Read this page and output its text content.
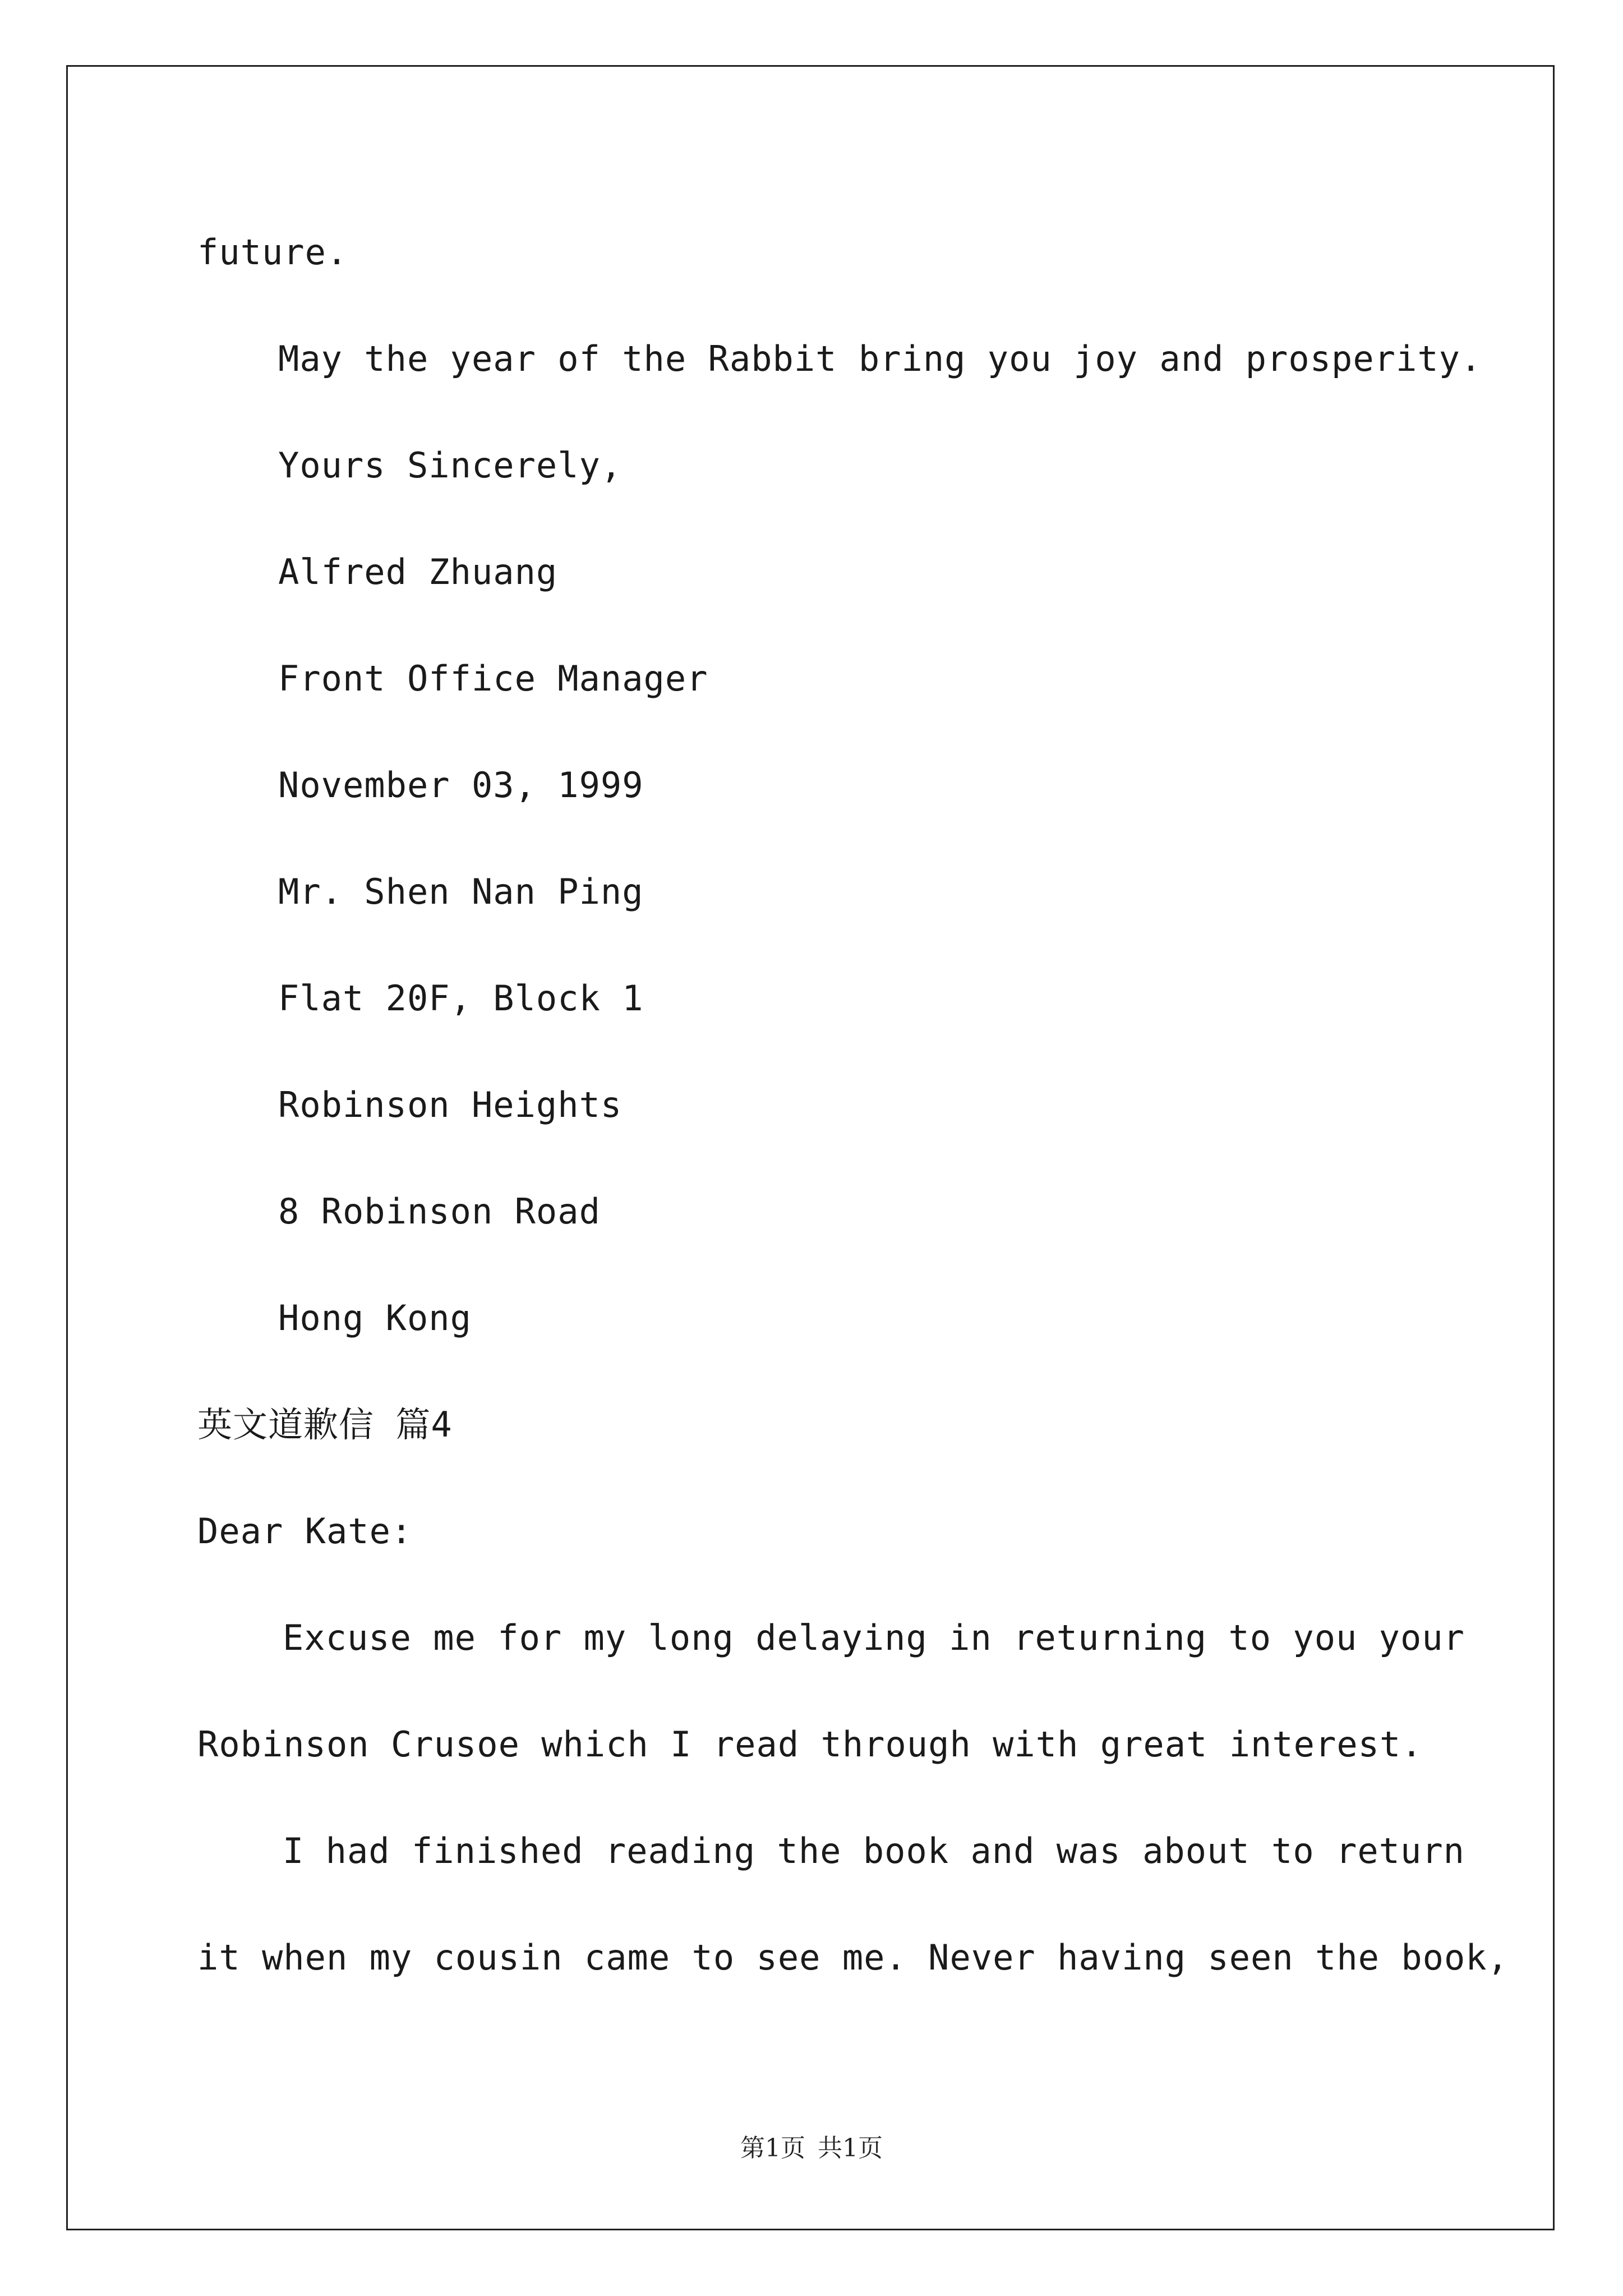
future.
May the year of the Rabbit bring you joy and prosperity.
Yours Sincerely,
Alfred Zhuang
Front Office Manager
November 03, 1999
Mr. Shen Nan Ping
Flat 20F, Block 1
Robinson Heights
8 Robinson Road
Hong Kong
英文道歉信 篇4
Dear Kate:
Excuse me for my long delaying in returning to you your
Robinson Crusoe which I read through with great interest.
I had finished reading the book and was about to return
it when my cousin came to see me. Never having seen the book,
第1页 共1页
